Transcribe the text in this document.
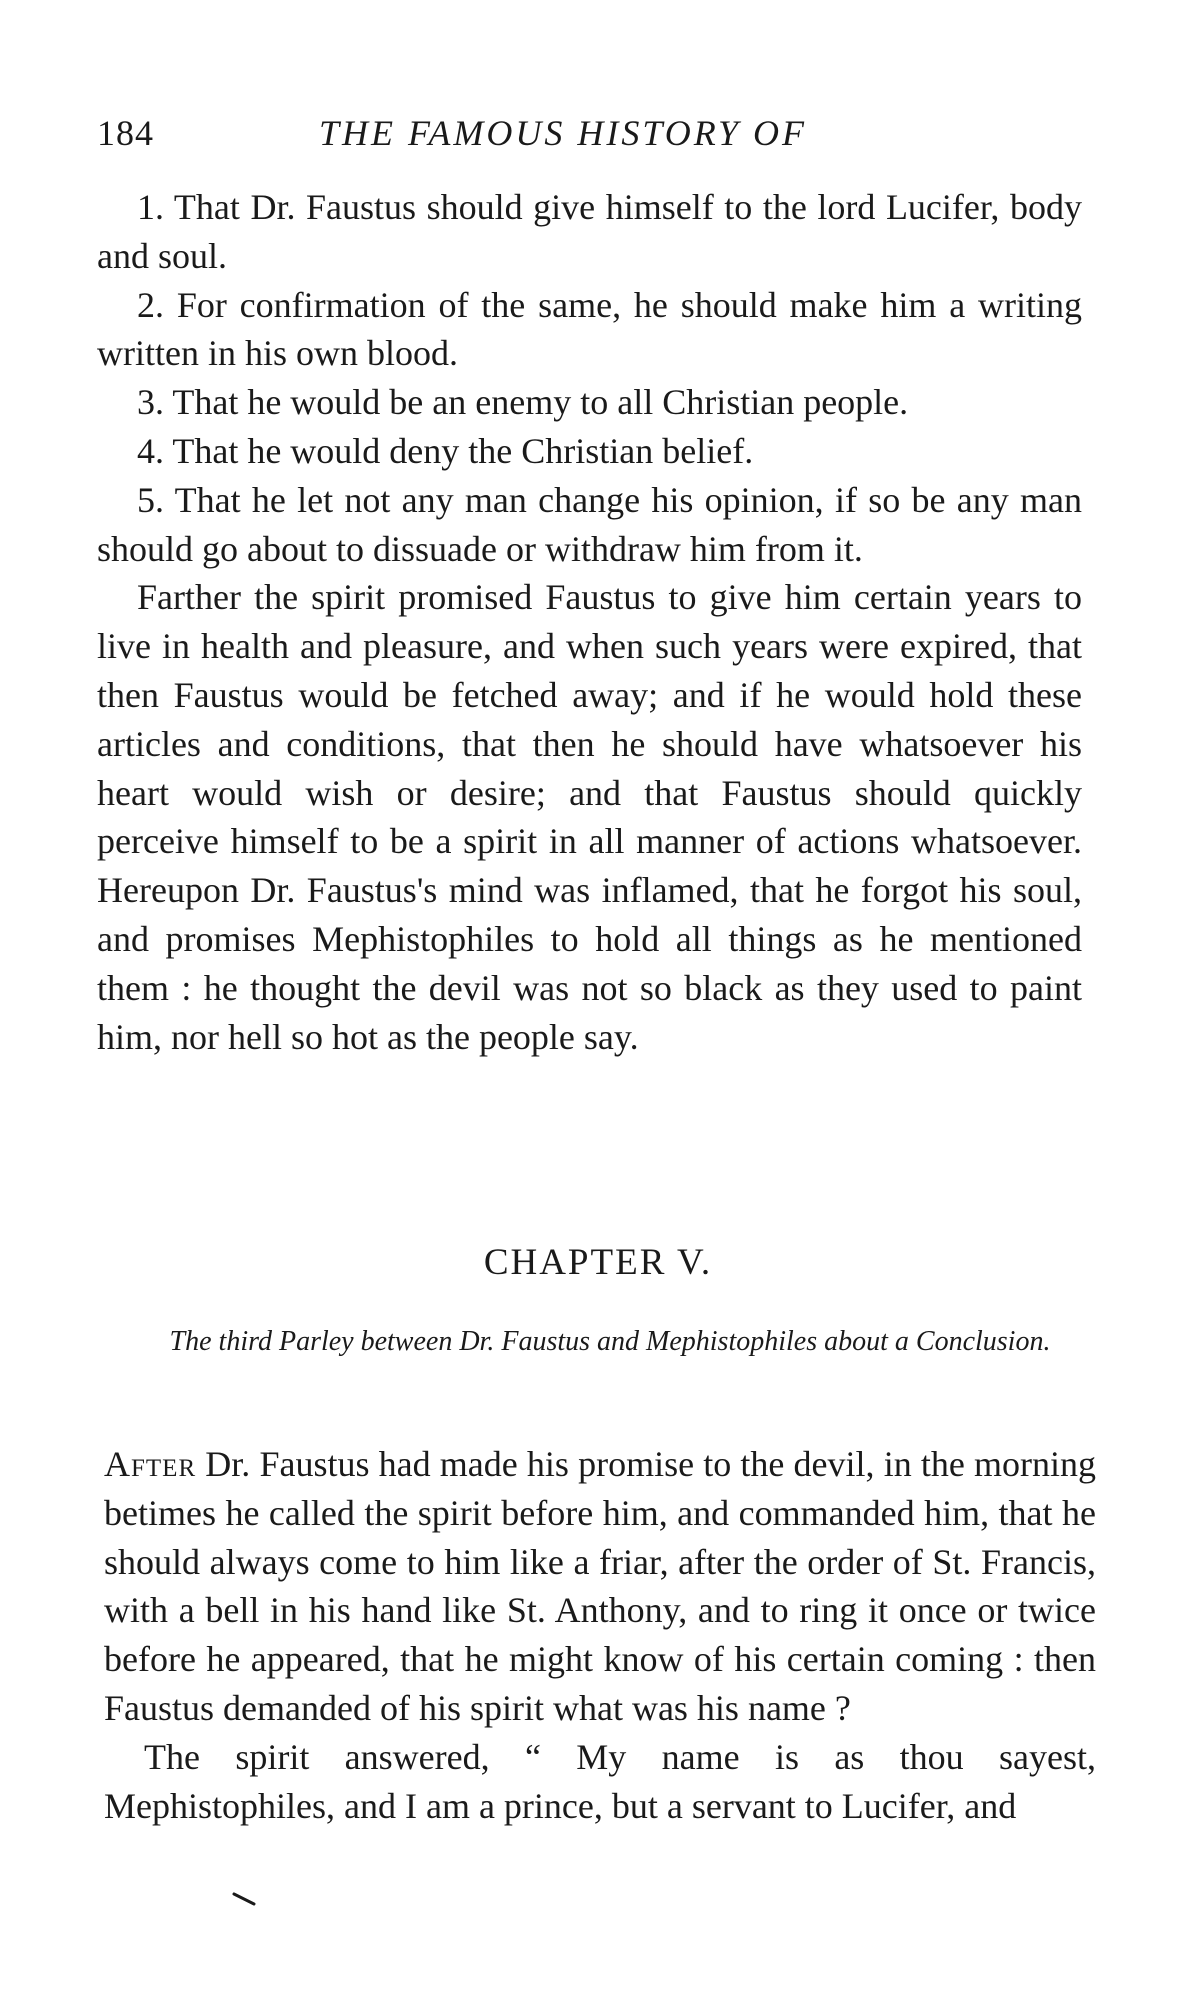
184	THE FAMOUS HISTORY OF

1. That Dr. Faustus should give himself to the lord Lucifer, body and soul.

2. For confirmation of the same, he should make him a writing written in his own blood.

3. That he would be an enemy to all Christian people.

4. That he would deny the Christian belief.

5. That he let not any man change his opinion, if so be any man should go about to dissuade or withdraw him from it.

Farther the spirit promised Faustus to give him certain years to live in health and pleasure, and when such years were expired, that then Faustus would be fetched away; and if he would hold these articles and conditions, that then he should have whatsoever his heart would wish or desire; and that Faustus should quickly perceive himself to be a spirit in all manner of actions whatsoever. Hereupon Dr. Faustus's mind was inflamed, that he forgot his soul, and promises Mephistophiles to hold all things as he mentioned them : he thought the devil was not so black as they used to paint him, nor hell so hot as the people say.

CHAPTER V.

The third Parley between Dr. Faustus and Mephistophiles about a Conclusion.

After Dr. Faustus had made his promise to the devil, in the morning betimes he called the spirit before him, and commanded him, that he should always come to him like a friar, after the order of St. Francis, with a bell in his hand like St. Anthony, and to ring it once or twice before he appeared, that he might know of his certain coming : then Faustus demanded of his spirit what was his name ?

The spirit answered, “ My name is as thou sayest, Mephistophiles, and I am a prince, but a servant to Lucifer, and
